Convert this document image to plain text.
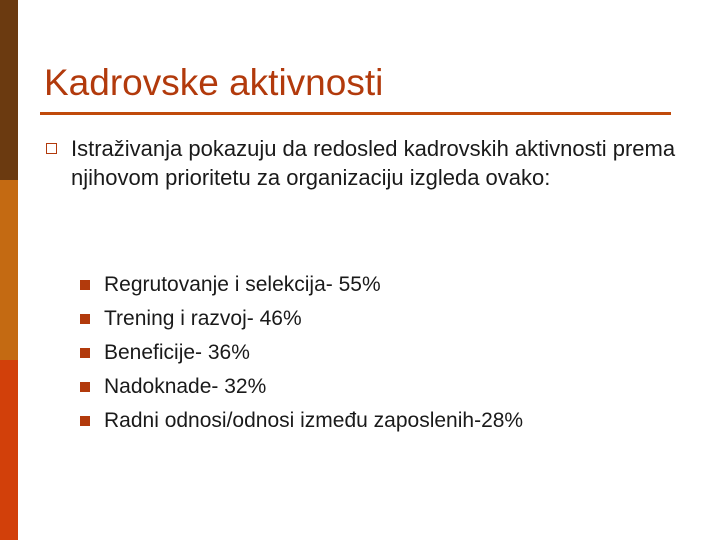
Kadrovske aktivnosti
Istraživanja pokazuju da redosled kadrovskih aktivnosti prema njihovom prioritetu za organizaciju izgleda ovako:
Regrutovanje i selekcija- 55%
Trening i razvoj- 46%
Beneficije- 36%
Nadoknade- 32%
Radni odnosi/odnosi između zaposlenih-28%
